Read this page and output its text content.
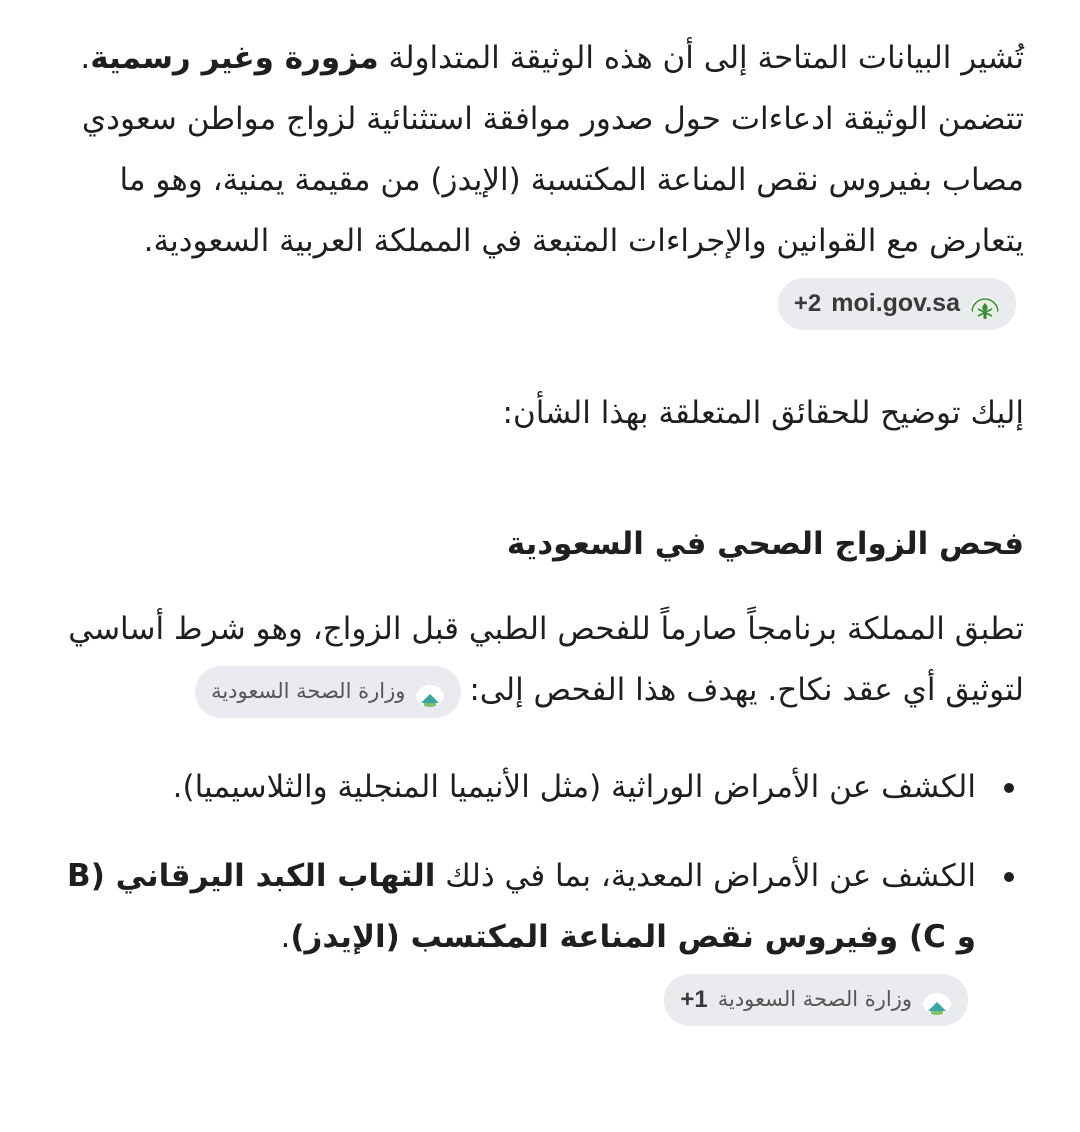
تُشير البيانات المتاحة إلى أن هذه الوثيقة المتداولة مزورة وغير رسمية. تتضمن الوثيقة ادعاءات حول صدور موافقة استثنائية لزواج مواطن سعودي مصاب بفيروس نقص المناعة المكتسبة (الإيدز) من مقيمة يمنية، وهو ما يتعارض مع القوانين والإجراءات المتبعة في المملكة العربية السعودية.
moi.gov.sa
+2

إليك توضيح للحقائق المتعلقة بهذا الشأن:

فحص الزواج الصحي في السعودية

تطبق المملكة برنامجاً صارماً للفحص الطبي قبل الزواج، وهو شرط أساسي لتوثيق أي عقد نكاح. يهدف هذا الفحص إلى:
وزارة الصحة السعودية

الكشف عن الأمراض الوراثية (مثل الأنيميا المنجلية والثلاسيميا).
الكشف عن الأمراض المعدية، بما في ذلك التهاب الكبد اليرقاني (B و C) وفيروس نقص المناعة المكتسب (الإيدز).
وزارة الصحة السعودية
+1
